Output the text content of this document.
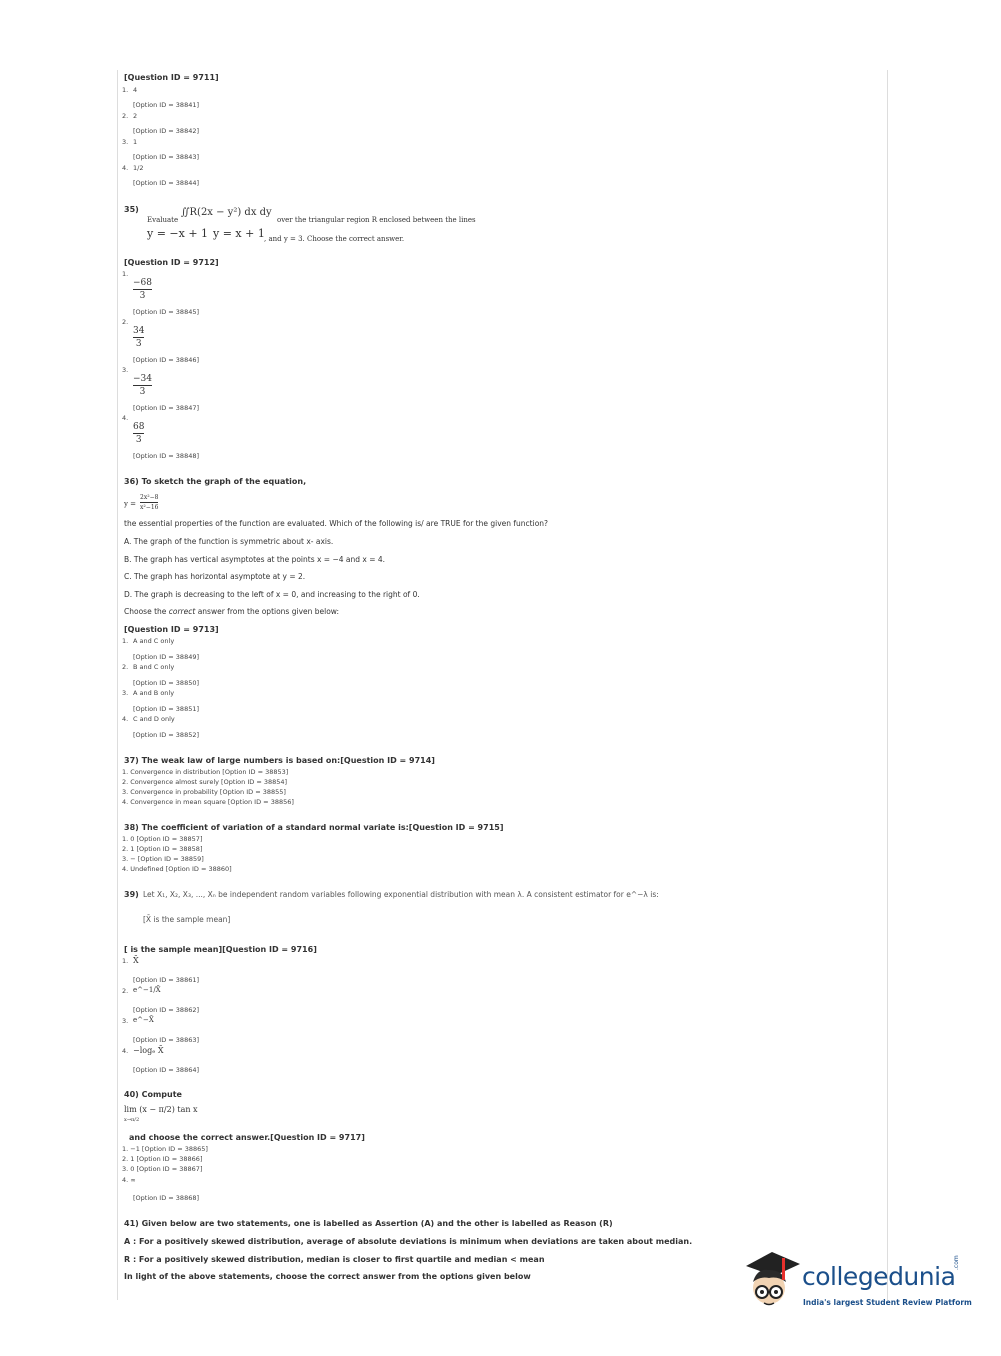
[Question ID = 9711]
1. 4
[Option ID = 38841]
2. 2
[Option ID = 38842]
3. 1
[Option ID = 38843]
4. 1/2
[Option ID = 38844]
35)
Evaluate
∬R(2x − y²) dx dy
over the triangular region R enclosed between the lines
y = −x + 1 y = x + 1 , and y = 3. Choose the correct answer.
[Question ID = 9712]
1.
−68
3
[Option ID = 38845]
2.
34
3
[Option ID = 38846]
3.
−34
3
[Option ID = 38847]
4.
68
3
[Option ID = 38848]
36) To sketch the graph of the equation,
y =
2x²−8
x²−16
the essential properties of the function are evaluated. Which of the following is/ are TRUE for the given function?
A. The graph of the function is symmetric about x- axis.
B. The graph has vertical asymptotes at the points x = −4 and x = 4.
C. The graph has horizontal asymptote at y = 2.
D. The graph is decreasing to the left of x = 0, and increasing to the right of 0.
Choose the correct answer from the options given below:
[Question ID = 9713]
1. A and C only
[Option ID = 38849]
2. B and C only
[Option ID = 38850]
3. A and B only
[Option ID = 38851]
4. C and D only
[Option ID = 38852]
37) The weak law of large numbers is based on:[Question ID = 9714]
1. Convergence in distribution [Option ID = 38853]
2. Convergence almost surely [Option ID = 38854]
3. Convergence in probability [Option ID = 38855]
4. Convergence in mean square [Option ID = 38856]
38) The coefficient of variation of a standard normal variate is:[Question ID = 9715]
1. 0 [Option ID = 38857]
2. 1 [Option ID = 38858]
3. − [Option ID = 38859]
4. Undefined [Option ID = 38860]
39) Let X₁, X₂, X₃, ..., Xₙ be independent random variables following exponential distribution with mean λ. A consistent estimator for e^−λ is:
[X̄ is the sample mean]
[ is the sample mean][Question ID = 9716]
1. X̄
[Option ID = 38861]
2. e^−1/X̄
[Option ID = 38862]
3. e^−X̄
[Option ID = 38863]
4. −logₑ X̄
[Option ID = 38864]
40) Compute
lim (x − π/2) tan x
x→π/2
and choose the correct answer.[Question ID = 9717]
1. −1 [Option ID = 38865]
2. 1 [Option ID = 38866]
3. 0 [Option ID = 38867]
4. ∞
[Option ID = 38868]
41) Given below are two statements, one is labelled as Assertion (A) and the other is labelled as Reason (R)
A : For a positively skewed distribution, average of absolute deviations is minimum when deviations are taken about median.
R : For a positively skewed distribution, median is closer to first quartile and median < mean
In light of the above statements, choose the correct answer from the options given below	collegedunia
.com
India's largest Student Review Platform
